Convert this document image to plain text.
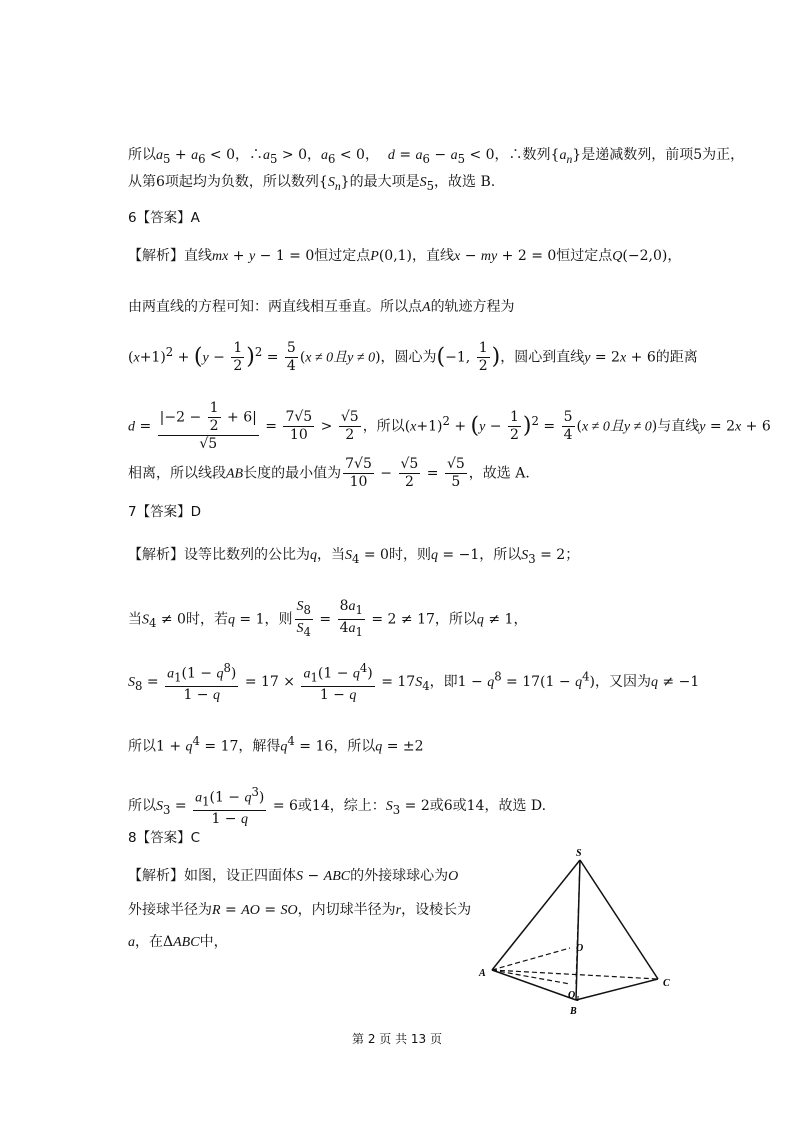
所以$a_5 + a_6 < 0$，$\therefore a_5 > 0$，$a_6 < 0$， $d = a_6 - a_5 < 0$，∴数列$\{a_n\}$是递减数列，前项5为正，
从第6项起均为负数，所以数列$\{S_n\}$的最大项是$S_5$，故选 B.
6【答案】A
【解析】直线mx + y − 1 = 0恒过定点P(0,1)，直线x − my + 2 = 0恒过定点Q(−2,0)，
由两直线的方程可知：两直线相互垂直。所以点A的轨迹方程为
$(x+1)^2 + (y - \frac{1}{2} )^2 = \frac{5}{4} (x \ne 0$且y ≠ 0)，圆心为(−1, $\frac{1}{2}$ )，圆心到直线y = 2x + 6的距离
$d = \frac{|-2 - \frac{1}{2} + 6|}{√5} = \frac{7√5}{10} > \frac{√5}{2}$ ，所以$(x+1)^2 + (y - \frac{1}{2} )^2 = \frac{5}{4} (x \ne 0$且y ≠ 0)与直线y = 2x + 6
相离，所以线段AB长度的最小值为 $\frac{7√5}{10} - \frac{√5}{2} = \frac{√5}{5}$ ，故选 A.
7【答案】D
【解析】设等比数列的公比为q，当$S_4 = 0$时，则q = −1，所以$S_3 = 2$；
当$S_4 \ne 0$时，若q = 1，则 $\frac{S_8}{S_4} = \frac{8a_1}{4a_1} = 2 \ne 17$，所以q ≠ 1，
$S_8 = \frac{a_1(1 - q^8)}{1 - q} = 17 \times \frac{a_1(1 - q^4)}{1 - q} = 17S_4$，即$1 - q^8 = 17(1 - q^4)$，又因为q ≠ −1
所以$1 + q^4 = 17$，解得$q^4 = 16$，所以q = ±2
所以$S_3 = \frac{a_1(1 - q^3)}{1 - q} = 6$或14，综上：$S_3 = 2$或6或14，故选 D.
8【答案】C
【解析】如图，设正四面体S − ABC的外接球球心为O
外接球半径为R = AO = SO，内切球半径为r，设棱长为
a，在ΔABC中，
S
O
A
C
O 1
B
第 2 页 共 13 页
